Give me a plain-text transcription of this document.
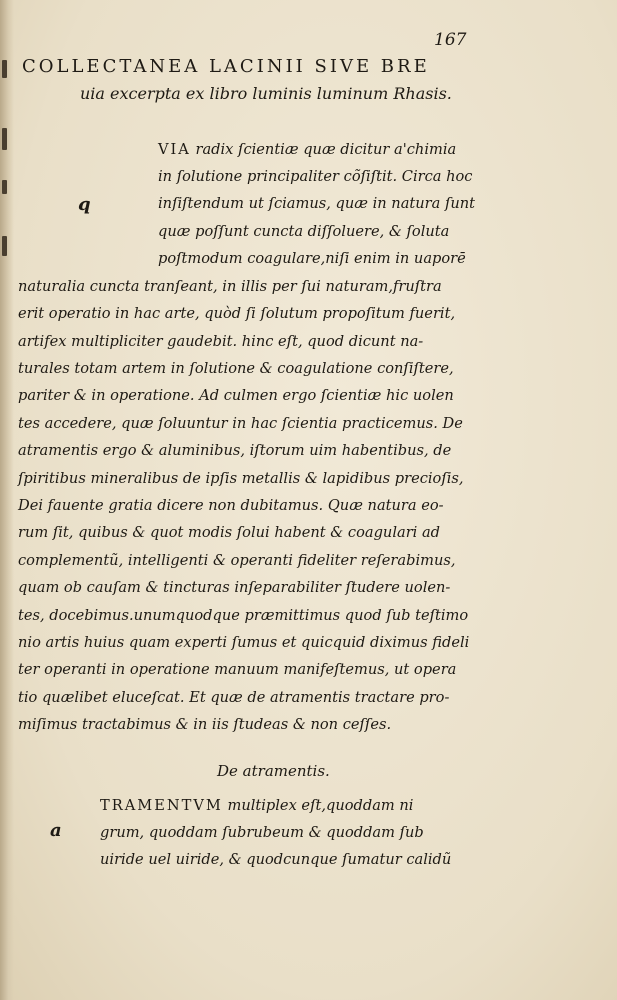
167
COLLECTANEA LACINII SIVE BRE
uia excerpta ex libro luminis luminum Rhasis.
q
VIA radix ſcientiæ quæ dicitur a'chimia
in ſolutione principaliter cõſiſtit. Circa hoc
inſiſtendum ut ſciamus, quæ in natura ſunt
quæ poſſunt cuncta diſſoluere, & ſoluta
poſtmodum coagulare,niſi enim in uaporē
naturalia cuncta tranſeant, in illis per ſui naturam,fruſtra
erit operatio in hac arte, quòd ſi ſolutum propoſitum fuerit,
artifex multipliciter gaudebit. hinc eſt, quod dicunt na-
turales totam artem in ſolutione & coagulatione conſiſtere,
pariter & in operatione. Ad culmen ergo ſcientiæ hic uolen
tes accedere, quæ ſoluuntur in hac ſcientia practicemus. De
atramentis ergo & aluminibus, iſtorum uim habentibus, de
ſpiritibus mineralibus de ipſis metallis & lapidibus precioſis,
Dei fauente gratia dicere non dubitamus. Quæ natura eo-
rum ſit, quibus & quot modis ſolui habent & coagulari ad
complementũ, intelligenti & operanti fideliter reſerabimus,
quam ob cauſam & tincturas inſeparabiliter ſtudere uolen-
tes, docebimus.unumquodque præmittimus quod ſub teſtimo
nio artis huius quam experti ſumus et quicquid diximus fideli
ter operanti in operatione manuum manifeſtemus, ut opera
tio quælibet eluceſcat. Et quæ de atramentis tractare pro-
miſimus tractabimus & in iis ſtudeas & non ceſſes.
De atramentis.
a
TRAMENTVM multiplex eſt,quoddam ni
grum, quoddam ſubrubeum & quoddam ſub
uiride uel uiride, & quodcunque ſumatur calidũ
